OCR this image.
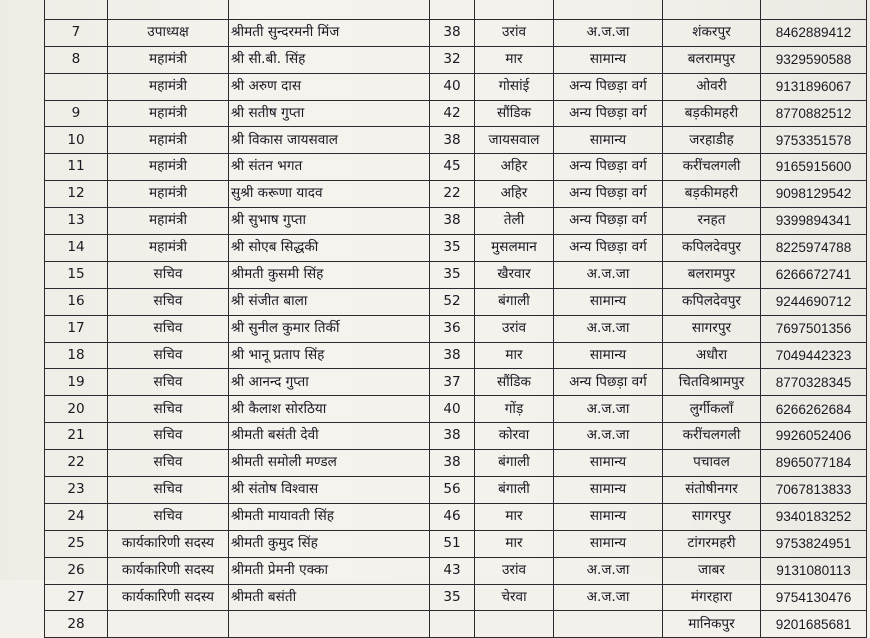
7	उपाध्यक्ष	श्रीमती सुन्दरमनी मिंज	38	उरांव	अ.ज.जा	शंकरपुर	8462889412
8	महामंत्री	श्री सी.बी. सिंह	32	मार	सामान्य	बलरामपुर	9329590588
	महामंत्री	श्री अरुण दास	40	गोसांई	अन्य पिछड़ा वर्ग	ओवरी	9131896067
9	महामंत्री	श्री सतीष गुप्ता	42	सौंडिक	अन्य पिछड़ा वर्ग	बड़कीमहरी	8770882512
10	महामंत्री	श्री विकास जायसवाल	38	जायसवाल	सामान्य	जरहाडीह	9753351578
11	महामंत्री	श्री संतन भगत	45	अहिर	अन्य पिछड़ा वर्ग	करींचलगली	9165915600
12	महामंत्री	सुश्री करूणा यादव	22	अहिर	अन्य पिछड़ा वर्ग	बड़कीमहरी	9098129542
13	महामंत्री	श्री सुभाष गुप्ता	38	तेली	अन्य पिछड़ा वर्ग	रनहत	9399894341
14	महामंत्री	श्री सोएब सिद्धकी	35	मुसलमान	अन्य पिछड़ा वर्ग	कपिलदेवपुर	8225974788
15	सचिव	श्रीमती कुसमी सिंह	35	खैरवार	अ.ज.जा	बलरामपुर	6266672741
16	सचिव	श्री संजीत बाला	52	बंगाली	सामान्य	कपिलदेवपुर	9244690712
17	सचिव	श्री सुनील कुमार तिर्की	36	उरांव	अ.ज.जा	सागरपुर	7697501356
18	सचिव	श्री भानू प्रताप सिंह	38	मार	सामान्य	अधौरा	7049442323
19	सचिव	श्री आनन्द गुप्ता	37	सौंडिक	अन्य पिछड़ा वर्ग	चितविश्रामपुर	8770328345
20	सचिव	श्री कैलाश सोरठिया	40	गोंड़	अ.ज.जा	लुर्गीकलॉं	6266262684
21	सचिव	श्रीमती बसंती देवी	38	कोरवा	अ.ज.जा	करींचलगली	9926052406
22	सचिव	श्रीमती समोली मण्डल	38	बंगाली	सामान्य	पचावल	8965077184
23	सचिव	श्री संतोष विश्वास	56	बंगाली	सामान्य	संतोषीनगर	7067813833
24	सचिव	श्रीमती मायावती सिंह	46	मार	सामान्य	सागरपुर	9340183252
25	कार्यकारिणी सदस्य	श्रीमती कुमुद सिंह	51	मार	सामान्य	टांगरमहरी	9753824951
26	कार्यकारिणी सदस्य	श्रीमती प्रेमनी एक्का	43	उरांव	अ.ज.जा	जाबर	9131080113
27	कार्यकारिणी सदस्य	श्रीमती बसंती	35	चेरवा	अ.ज.जा	मंगरहारा	9754130476
28						मानिकपुर	9201685681
